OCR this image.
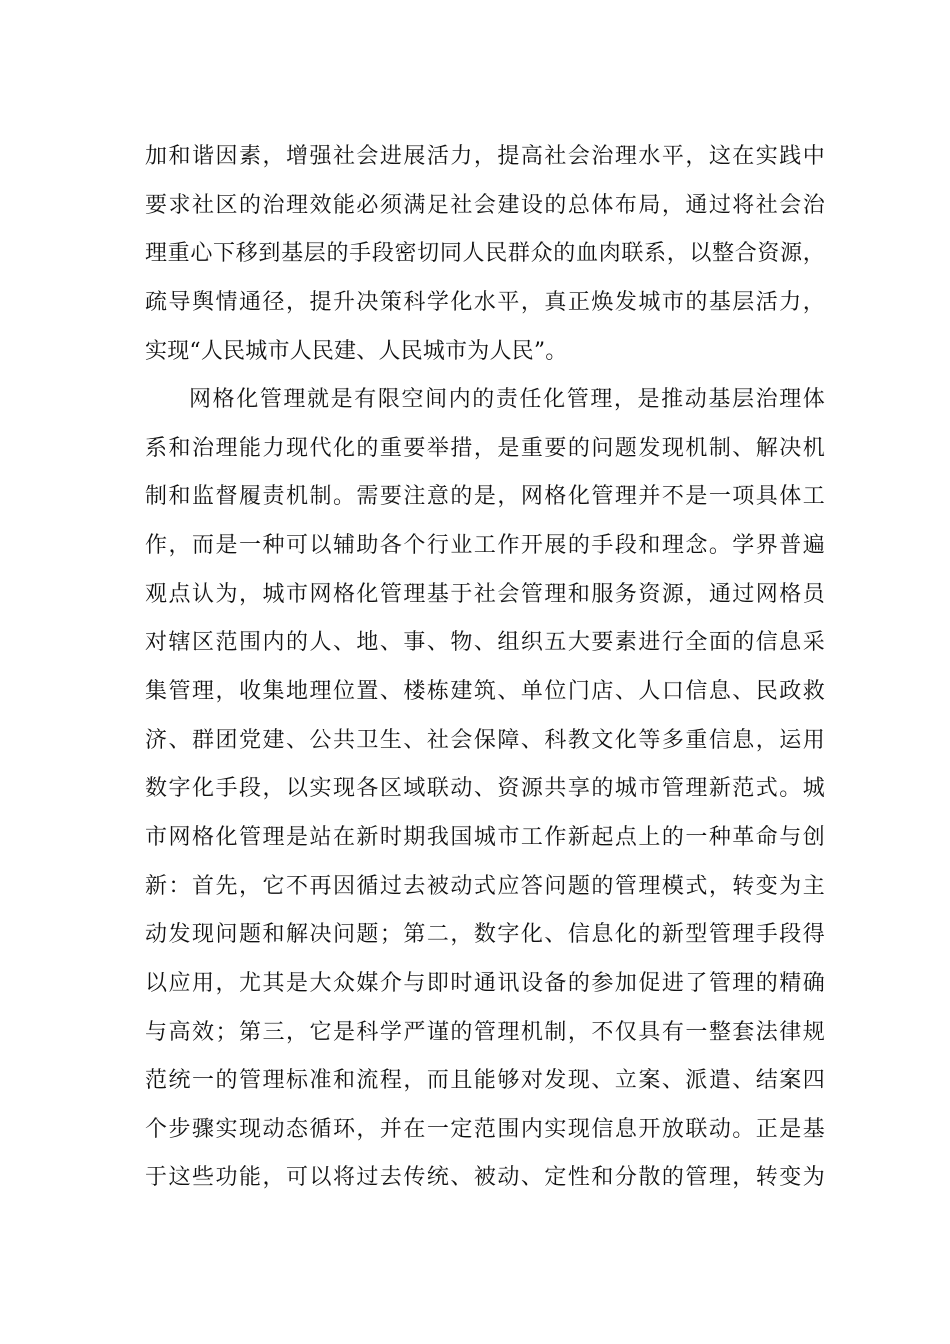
加和谐因素，增强社会进展活力，提高社会治理水平，这在实践中
要求社区的治理效能必须满足社会建设的总体布局，通过将社会治
理重心下移到基层的手段密切同人民群众的血肉联系，以整合资源，
疏导舆情通径，提升决策科学化水平，真正焕发城市的基层活力，
实现“人民城市人民建、人民城市为人民”。
网格化管理就是有限空间内的责任化管理，是推动基层治理体
系和治理能力现代化的重要举措，是重要的问题发现机制、解决机
制和监督履责机制。需要注意的是，网格化管理并不是一项具体工
作，而是一种可以辅助各个行业工作开展的手段和理念。学界普遍
观点认为，城市网格化管理基于社会管理和服务资源，通过网格员
对辖区范围内的人、地、事、物、组织五大要素进行全面的信息采
集管理，收集地理位置、楼栋建筑、单位门店、人口信息、民政救
济、群团党建、公共卫生、社会保障、科教文化等多重信息，运用
数字化手段，以实现各区域联动、资源共享的城市管理新范式。城
市网格化管理是站在新时期我国城市工作新起点上的一种革命与创
新：首先，它不再因循过去被动式应答问题的管理模式，转变为主
动发现问题和解决问题；第二，数字化、信息化的新型管理手段得
以应用，尤其是大众媒介与即时通讯设备的参加促进了管理的精确
与高效；第三，它是科学严谨的管理机制，不仅具有一整套法律规
范统一的管理标准和流程，而且能够对发现、立案、派遣、结案四
个步骤实现动态循环，并在一定范围内实现信息开放联动。正是基
于这些功能，可以将过去传统、被动、定性和分散的管理，转变为
